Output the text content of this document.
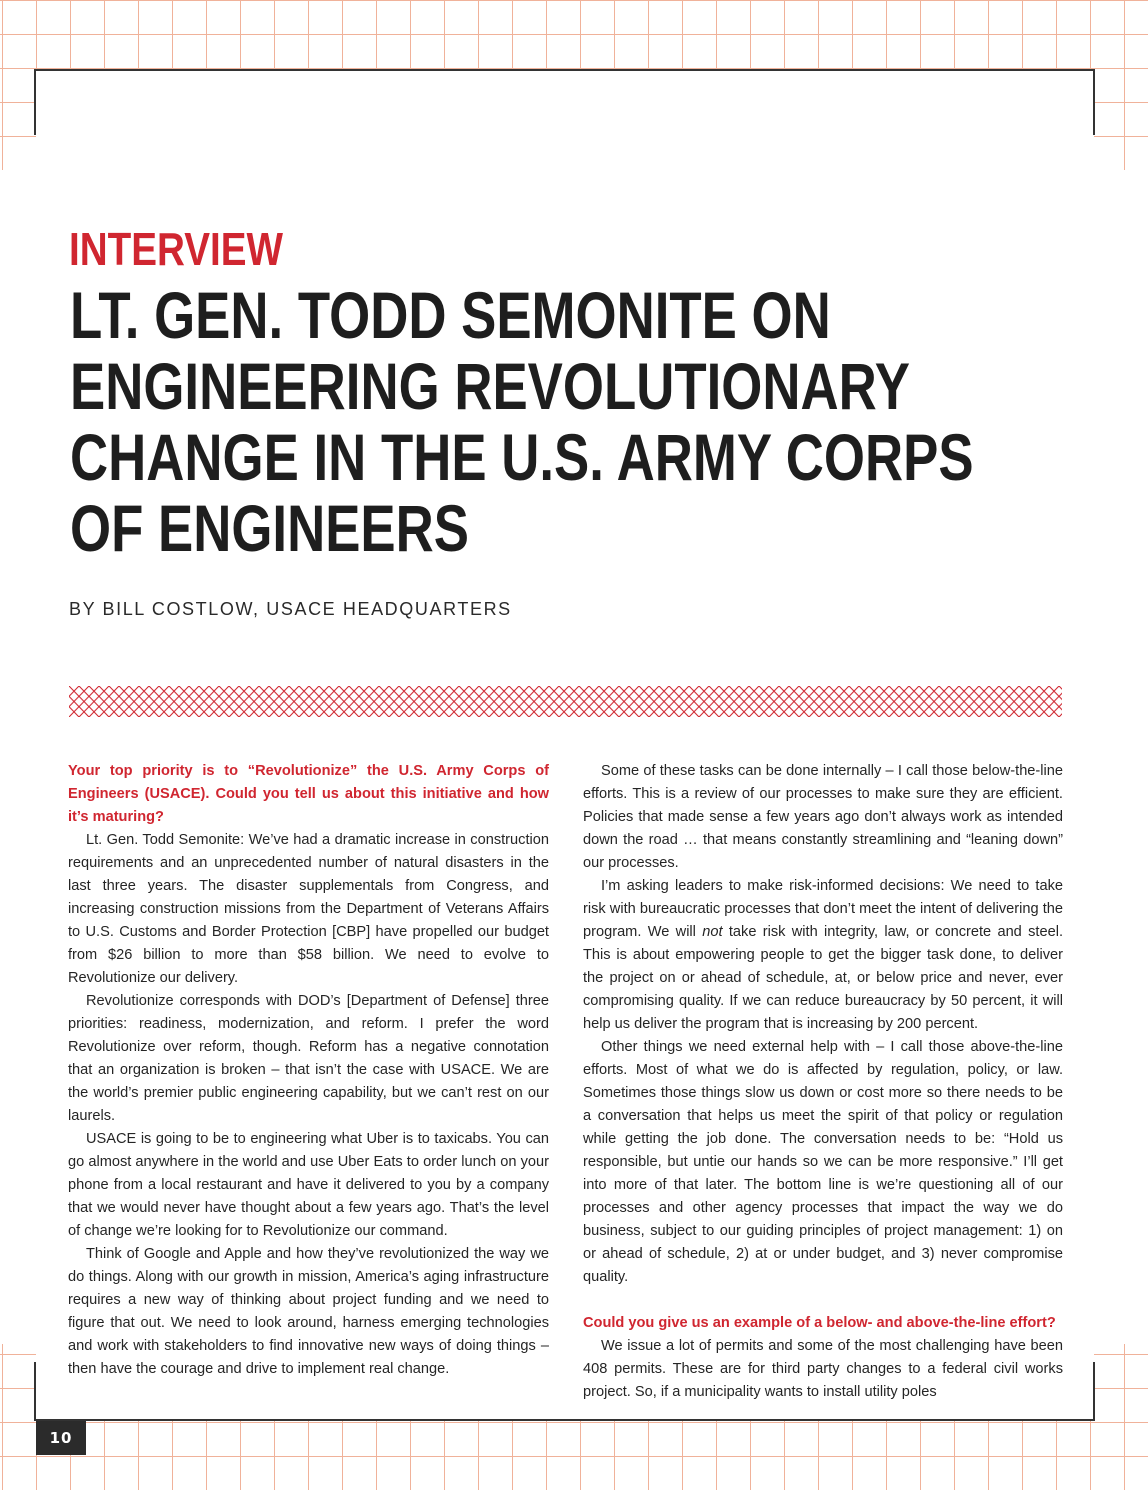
10
INTERVIEW
LT. GEN. TODD SEMONITE ON
ENGINEERING REVOLUTIONARY
CHANGE IN THE U.S. ARMY CORPS
OF ENGINEERS

BY BILL COSTLOW, USACE HEADQUARTERS

Your top priority is to “Revolutionize” the U.S. Army Corps of Engineers (USACE). Could you tell us about this initiative and how it’s maturing?

Lt. Gen. Todd Semonite: We’ve had a dramatic increase in construction requirements and an unprecedented number of natural disasters in the last three years. The disaster supplementals from Congress, and increasing construction missions from the Department of Veterans Affairs to U.S. Customs and Border Protection [CBP] have propelled our budget from $26 billion to more than $58 billion. We need to evolve to Revolutionize our delivery.

Revolutionize corresponds with DOD’s [Department of Defense] three priorities: readiness, modernization, and reform. I prefer the word Revolutionize over reform, though. Reform has a negative connotation that an organization is broken – that isn’t the case with USACE. We are the world’s premier public engineering capability, but we can’t rest on our laurels.

USACE is going to be to engineering what Uber is to taxicabs. You can go almost anywhere in the world and use Uber Eats to order lunch on your phone from a local restaurant and have it delivered to you by a company that we would never have thought about a few years ago. That’s the level of change we’re looking for to Revolutionize our command.

Think of Google and Apple and how they’ve revolutionized the way we do things. Along with our growth in mission, America’s aging infrastructure requires a new way of thinking about project funding and we need to figure that out. We need to look around, harness emerging technologies and work with stakeholders to find innovative new ways of doing things – then have the courage and drive to implement real change.

Some of these tasks can be done internally – I call those below-the-line efforts. This is a review of our processes to make sure they are efficient. Policies that made sense a few years ago don’t always work as intended down the road … that means constantly streamlining and “leaning down” our processes.

I’m asking leaders to make risk-informed decisions: We need to take risk with bureaucratic processes that don’t meet the intent of delivering the program. We will not take risk with integrity, law, or concrete and steel. This is about empowering people to get the bigger task done, to deliver the project on or ahead of schedule, at, or below price and never, ever compromising quality. If we can reduce bureaucracy by 50 percent, it will help us deliver the program that is increasing by 200 percent.

Other things we need external help with – I call those above-the-line efforts. Most of what we do is affected by regulation, policy, or law. Sometimes those things slow us down or cost more so there needs to be a conversation that helps us meet the spirit of that policy or regulation while getting the job done. The conversation needs to be: “Hold us responsible, but untie our hands so we can be more responsive.” I’ll get into more of that later. The bottom line is we’re questioning all of our processes and other agency processes that impact the way we do business, subject to our guiding principles of project management: 1) on or ahead of schedule, 2) at or under budget, and 3) never compromise quality.

Could you give us an example of a below- and above-the-line effort?

We issue a lot of permits and some of the most challenging have been 408 permits. These are for third party changes to a federal civil works project. So, if a municipality wants to install utility poles
